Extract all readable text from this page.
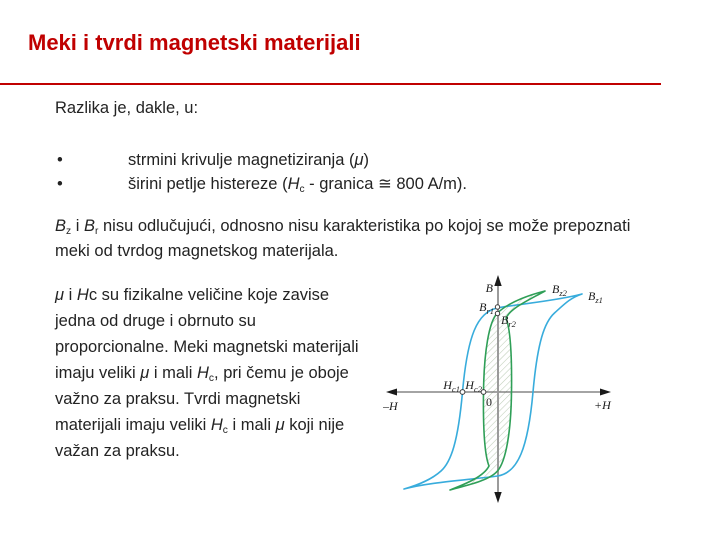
Meki i tvrdi magnetski materijali

Razlika je, dakle, u:

•	strmini krivulje magnetiziranja (μ)
•	širini petlje histereze ($H_c$ - granica ≅ 800 A/m).

$B_z$ i $B_r$ nisu odlučujući, odnosno nisu karakteristika po kojoj se može prepoznati meki od tvrdog magnetskog materijala.

μ i Hc su fizikalne veličine koje zavise jedna od druge i obrnuto su proporcionalne. Meki magnetski materijali imaju veliki μ i mali $H_c$, pri čemu je oboje važno za praksu. Tvrdi magnetski materijali imaju veliki $H_c$ i mali μ koji nije važan za praksu.

B
$B_{r1}$
$B_{r2}$
$B_{z2}$ $B_{z1}$
$H_{c1}$ $H_{c2}$
0
–H	+H
